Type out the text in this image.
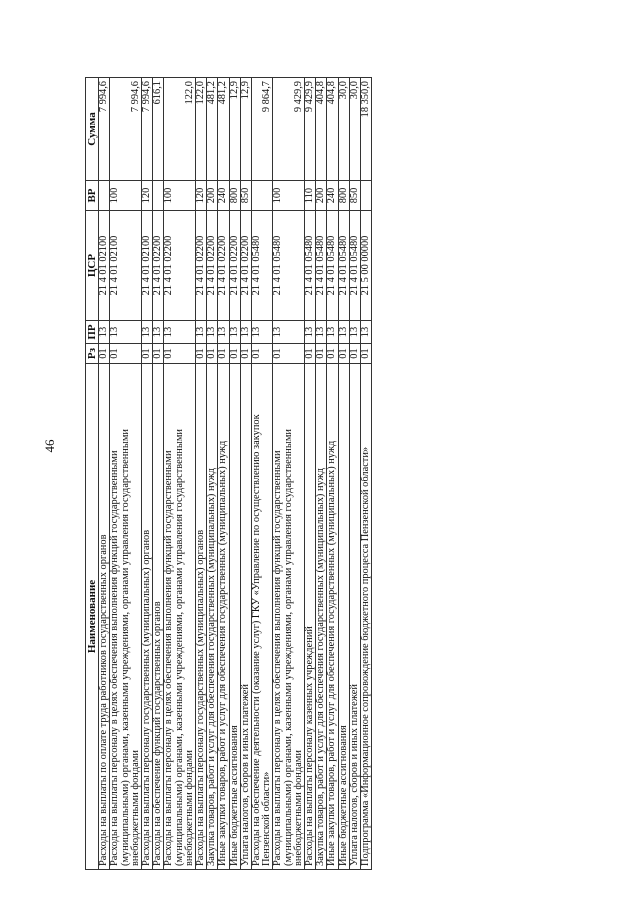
46
Наименование	Рз	ПР	ЦСР	ВР	Сумма
Расходы на выплаты по оплате труда работников государственных органов	01	13	21 4 01 02100		7 994,6
Расходы на выплаты персоналу в целях обеспечения выполнения функций государственными (муниципальными) органами, казенными учреждениями, органами управления государственными внебюджетными фондами	01	13	21 4 01 02100	100	7 994,6
Расходы на выплаты персоналу государственных (муниципальных) органов	01	13	21 4 01 02100	120	7 994,6
Расходы на обеспечение функций государственных органов	01	13	21 4 01 02200		616,1
Расходы на выплаты персоналу в целях обеспечения выполнения функций государственными (муниципальными) органами, казенными учреждениями, органами управления государственными внебюджетными фондами	01	13	21 4 01 02200	100	122,0
Расходы на выплаты персоналу государственных (муниципальных) органов	01	13	21 4 01 02200	120	122,0
Закупка товаров, работ и услуг для обеспечения государственных (муниципальных) нужд	01	13	21 4 01 02200	200	481,2
Иные закупки товаров, работ и услуг для обеспечения государственных (муниципальных) нужд	01	13	21 4 01 02200	240	481,2
Иные бюджетные ассигнования	01	13	21 4 01 02200	800	12,9
Уплата налогов, сборов и иных платежей	01	13	21 4 01 02200	850	12,9
Расходы на обеспечение деятельности (оказание услуг) ГКУ «Управление по осуществлению закупок Пензенской области»	01	13	21 4 01 05480		9 864,7
Расходы на выплаты персоналу в целях обеспечения выполнения функций государственными (муниципальными) органами, казенными учреждениями, органами управления государственными внебюджетными фондами	01	13	21 4 01 05480	100	9 429,9
Расходы на выплаты персоналу казенных учреждений	01	13	21 4 01 05480	110	9 429,9
Закупка товаров, работ и услуг для обеспечения государственных (муниципальных) нужд	01	13	21 4 01 05480	200	404,8
Иные закупки товаров, работ и услуг для обеспечения государственных (муниципальных) нужд	01	13	21 4 01 05480	240	404,8
Иные бюджетные ассигнования	01	13	21 4 01 05480	800	30,0
Уплата налогов, сборов и иных платежей	01	13	21 4 01 05480	850	30,0
Подпрограмма «Информационное сопровождение бюджетного процесса Пензенской области»	01	13	21 5 00 00000		18 350,0
